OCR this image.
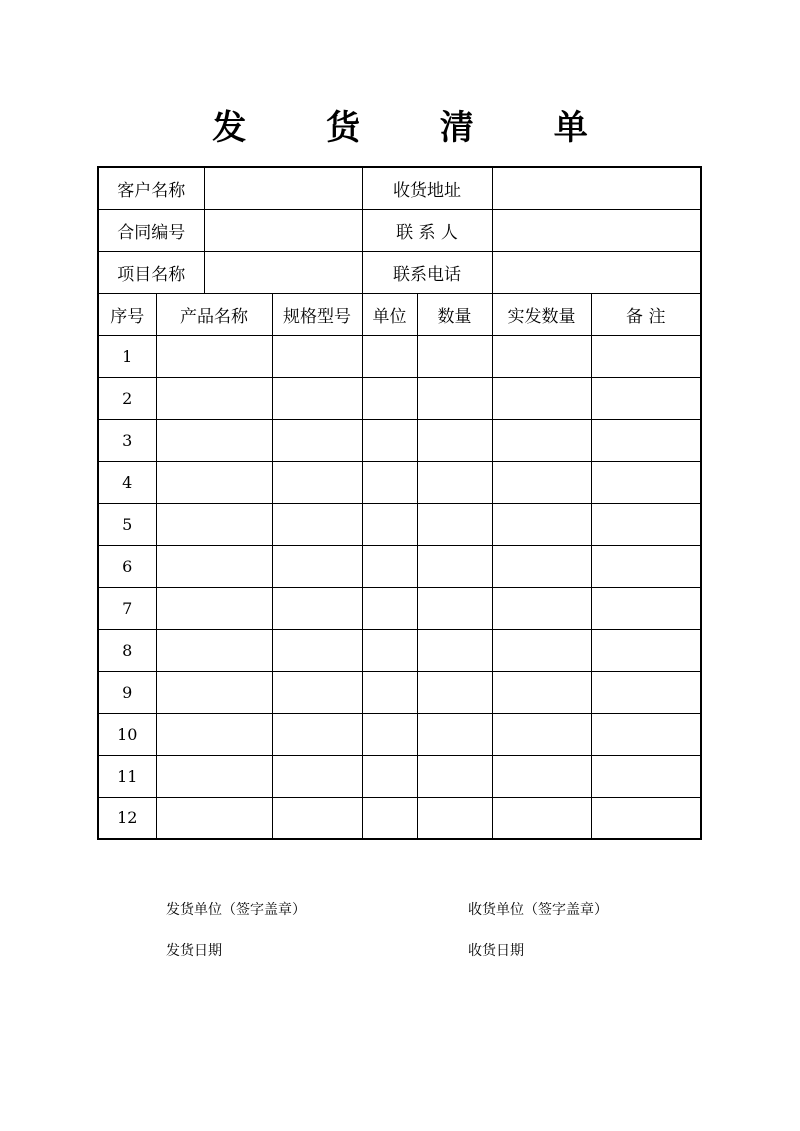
发 货 清 单
客户名称				收货地址			
合同编号				联 系 人			
项目名称				联系电话			
序号	产品名称		规格型号	单位	数量	实发数量	备 注
1							
2							
3							
4							
5							
6							
7							
8							
9							
10							
11							
12							
发货单位（签字盖章）	收货单位（签字盖章）
发货日期	收货日期
